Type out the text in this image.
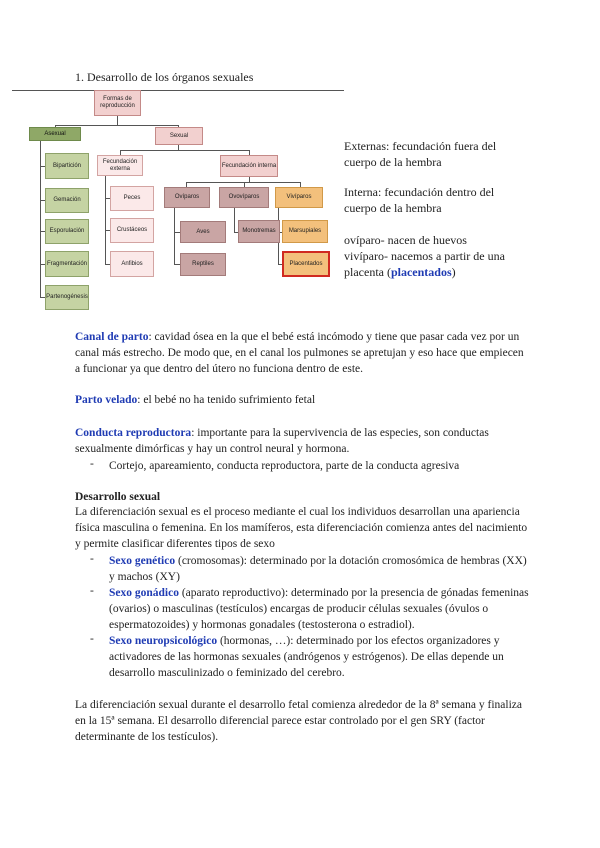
1. Desarrollo de los órganos sexuales
Formas de reproducción
Asexual	Sexual
Bipartición
Gemación
Esporulación
Fragmentación
Partenogénesis
Fecundación externa	Fecundación interna
Peces
Crustáceos
Anfibios
Ovíparos	Ovovíparos	Vivíparos
Aves
Reptiles
Monotremas	Marsupiales
Placentados
Externas: fecundación fuera del cuerpo de la hembra
Interna: fecundación dentro del cuerpo de la hembra
ovíparo- nacen de huevos
vivíparo- nacemos a partir de una placenta (placentados)
Canal de parto: cavidad ósea en la que el bebé está incómodo y tiene que pasar cada vez por un canal más estrecho. De modo que, en el canal los pulmones se apretujan y eso hace que empiecen a funcionar ya que dentro del útero no funciona dentro de este.
Parto velado: el bebé no ha tenido sufrimiento fetal
Conducta reproductora: importante para la supervivencia de las especies, son conductas sexualmente dimórficas y hay un control neural y hormona.
- Cortejo, apareamiento, conducta reproductora, parte de la conducta agresiva
Desarrollo sexual
La diferenciación sexual es el proceso mediante el cual los individuos desarrollan una apariencia física masculina o femenina. En los mamíferos, esta diferenciación comienza antes del nacimiento y permite clasificar diferentes tipos de sexo
- Sexo genético (cromosomas): determinado por la dotación cromosómica de hembras (XX) y machos (XY)
- Sexo gonádico (aparato reproductivo): determinado por la presencia de gónadas femeninas (ovarios) o masculinas (testículos) encargas de producir células sexuales (óvulos o espermatozoides) y hormonas gonadales (testosterona o estradiol).
- Sexo neuropsicológico (hormonas, …): determinado por los efectos organizadores y activadores de las hormonas sexuales (andrógenos y estrógenos). De ellas depende un desarrollo masculinizado o feminizado del cerebro.
La diferenciación sexual durante el desarrollo fetal comienza alrededor de la 8ª semana y finaliza en la 15ª semana. El desarrollo diferencial parece estar controlado por el gen SRY (factor determinante de los testículos).
